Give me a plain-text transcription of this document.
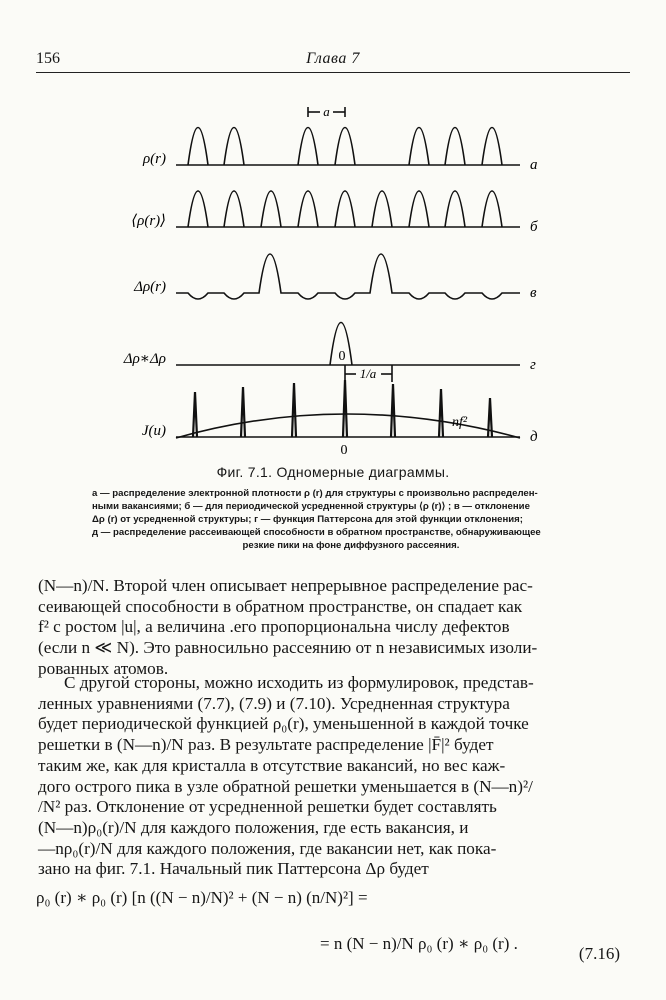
156	Глава 7
ρ(r)	а
⟨ρ(r)⟩	б
Δρ(r)	в
Δρ∗Δρ	г
J(u)	д
a
0
1/a
0
nf²
Фиг. 7.1. Одномерные диаграммы.

а — распределение электронной плотности ρ (r) для структуры с произвольно распределен-

ными вакансиями; б — для периодической усредненной структуры ⟨ρ (r)⟩ ; в — отклонение

Δρ (r) от усредненной структуры; г — функция Паттерсона для этой функции отклонения;

д — распределение рассеивающей способности в обратном пространстве, обнаруживающее

резкие пики на фоне диффузного рассеяния.

(N—n)/N. Второй член описывает непрерывное распределение рас-

сеивающей способности в обратном пространстве, он спадает как

f² с ростом |u|, а величина .его пропорциональна числу дефектов

(если n ≪ N). Это равносильно рассеянию от n независимых изоли-

рованных атомов.

С другой стороны, можно исходить из формулировок, представ-

ленных уравнениями (7.7), (7.9) и (7.10). Усредненная структура

будет периодической функцией ρ₀(r), уменьшенной в каждой точке

решетки в (N—n)/N раз. В результате распределение |F̄|² будет

таким же, как для кристалла в отсутствие вакансий, но вес каж-

дого острого пика в узле обратной решетки уменьшается в (N—n)²/

/N² раз. Отклонение от усредненной решетки будет составлять

(N—n)ρ₀(r)/N для каждого положения, где есть вакансия, и

—nρ₀(r)/N для каждого положения, где вакансии нет, как пока-

зано на фиг. 7.1. Начальный пик Паттерсона Δρ будет

ρ₀ (r) ∗ ρ₀ (r) [n ((N − n)/N)² + (N − n) (n/N)²] =
= n (N − n)/N ρ₀ (r) ∗ ρ₀ (r) .
(7.16)
